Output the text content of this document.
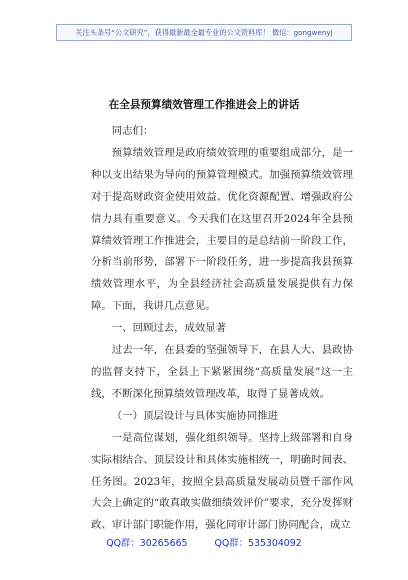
关注头条号“公文研究”，获得最新最全最专业的公文资料库！ 微信：gongwenyj
在全县预算绩效管理工作推进会上的讲话

同志们：

预算绩效管理是政府绩效管理的重要组成部分，是一种以支出结果为导向的预算管理模式。加强预算绩效管理对于提高财政资金使用效益、优化资源配置、增强政府公信力具有重要意义。今天我们在这里召开2024年全县预算绩效管理工作推进会，主要目的是总结前一阶段工作，分析当前形势，部署下一阶段任务，进一步提高我县预算绩效管理水平，为全县经济社会高质量发展提供有力保障。下面，我讲几点意见。

一、回顾过去，成效显著

过去一年，在县委的坚强领导下，在县人大、县政协的监督支持下，全县上下紧紧围绕“高质量发展”这一主线，不断深化预算绩效管理改革，取得了显著成效。

（一）顶层设计与具体实施协同推进

一是高位谋划，强化组织领导。坚持上级部署和自身实际相结合、顶层设计和具体实施相统一，明确时间表、任务图。2023年，按照全县高质量发展动员暨千部作风大会上确定的“敢真敢实做细绩效评价”要求，充分发挥财政、审计部门职能作用，强化同审计部门协同配合，成立

QQ群：30265665	QQ群：535304092
